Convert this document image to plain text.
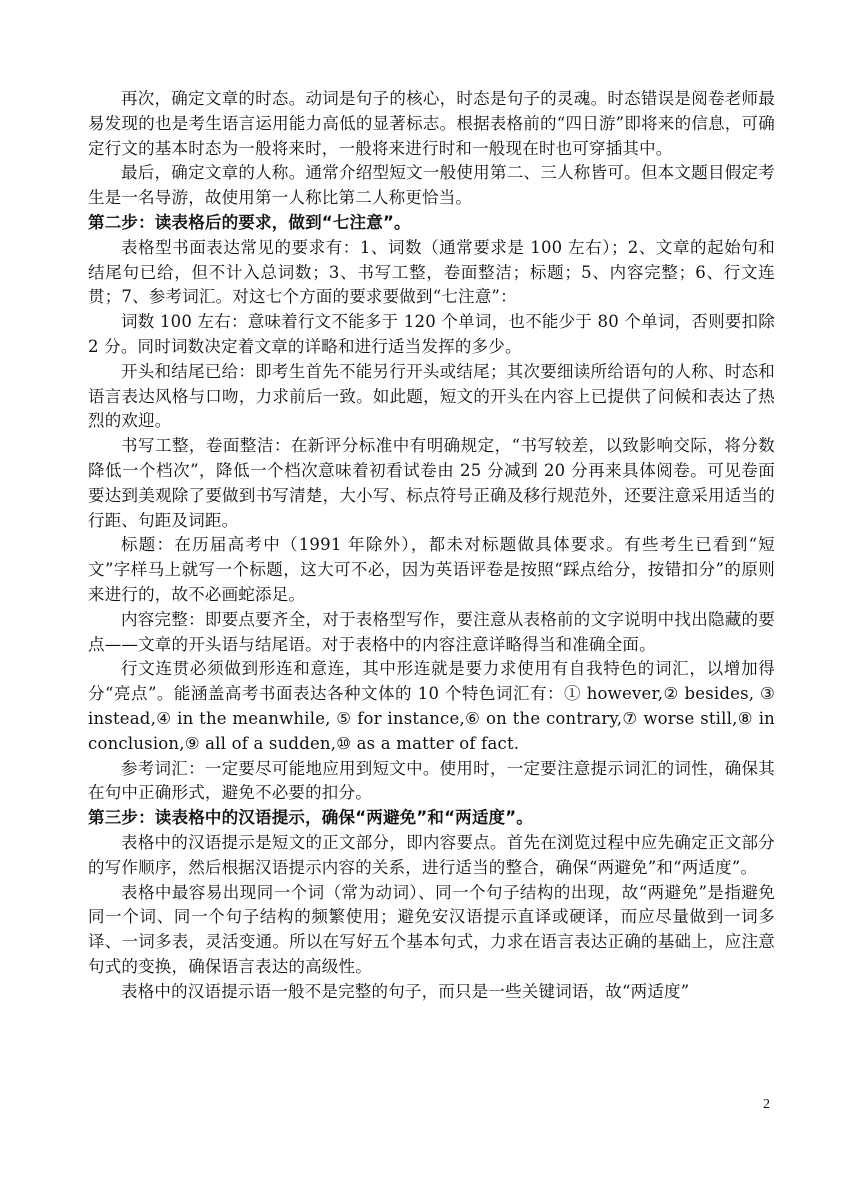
再次，确定文章的时态。动词是句子的核心，时态是句子的灵魂。时态错误是阅卷老师最易发现的也是考生语言运用能力高低的显著标志。根据表格前的“四日游”即将来的信息，可确定行文的基本时态为一般将来时，一般将来进行时和一般现在时也可穿插其中。

最后，确定文章的人称。通常介绍型短文一般使用第二、三人称皆可。但本文题目假定考生是一名导游，故使用第一人称比第二人称更恰当。

第二步：读表格后的要求，做到“七注意”。

表格型书面表达常见的要求有：1、词数（通常要求是 100 左右）；2、文章的起始句和结尾句已给，但不计入总词数；3、书写工整，卷面整洁；标题；5、内容完整；6、行文连贯；7、参考词汇。对这七个方面的要求要做到“七注意”：

词数 100 左右：意味着行文不能多于 120 个单词，也不能少于 80 个单词，否则要扣除 2 分。同时词数决定着文章的详略和进行适当发挥的多少。

开头和结尾已给：即考生首先不能另行开头或结尾；其次要细读所给语句的人称、时态和语言表达风格与口吻，力求前后一致。如此题，短文的开头在内容上已提供了问候和表达了热烈的欢迎。

书写工整，卷面整洁：在新评分标准中有明确规定，“书写较差，以致影响交际，将分数降低一个档次”，降低一个档次意味着初看试卷由 25 分减到 20 分再来具体阅卷。可见卷面要达到美观除了要做到书写清楚，大小写、标点符号正确及移行规范外，还要注意采用适当的行距、句距及词距。

标题：在历届高考中（1991 年除外），都未对标题做具体要求。有些考生已看到“短文”字样马上就写一个标题，这大可不必，因为英语评卷是按照“踩点给分，按错扣分”的原则来进行的，故不必画蛇添足。

内容完整：即要点要齐全，对于表格型写作，要注意从表格前的文字说明中找出隐藏的要点——文章的开头语与结尾语。对于表格中的内容注意详略得当和准确全面。

行文连贯必须做到形连和意连，其中形连就是要力求使用有自我特色的词汇，以增加得分“亮点”。能涵盖高考书面表达各种文体的 10 个特色词汇有：① however,② besides, ③ instead,④ in the meanwhile, ⑤ for instance,⑥ on the contrary,⑦ worse still,⑧ in conclusion,⑨ all of a sudden,⑩ as a matter of fact.

参考词汇：一定要尽可能地应用到短文中。使用时，一定要注意提示词汇的词性，确保其在句中正确形式，避免不必要的扣分。

第三步：读表格中的汉语提示，确保“两避免”和“两适度”。

表格中的汉语提示是短文的正文部分，即内容要点。首先在浏览过程中应先确定正文部分的写作顺序，然后根据汉语提示内容的关系，进行适当的整合，确保“两避免”和“两适度”。

表格中最容易出现同一个词（常为动词）、同一个句子结构的出现，故“两避免”是指避免同一个词、同一个句子结构的频繁使用；避免安汉语提示直译或硬译，而应尽量做到一词多译、一词多表，灵活变通。所以在写好五个基本句式，力求在语言表达正确的基础上，应注意句式的变换，确保语言表达的高级性。

表格中的汉语提示语一般不是完整的句子，而只是一些关键词语，故“两适度”

2
